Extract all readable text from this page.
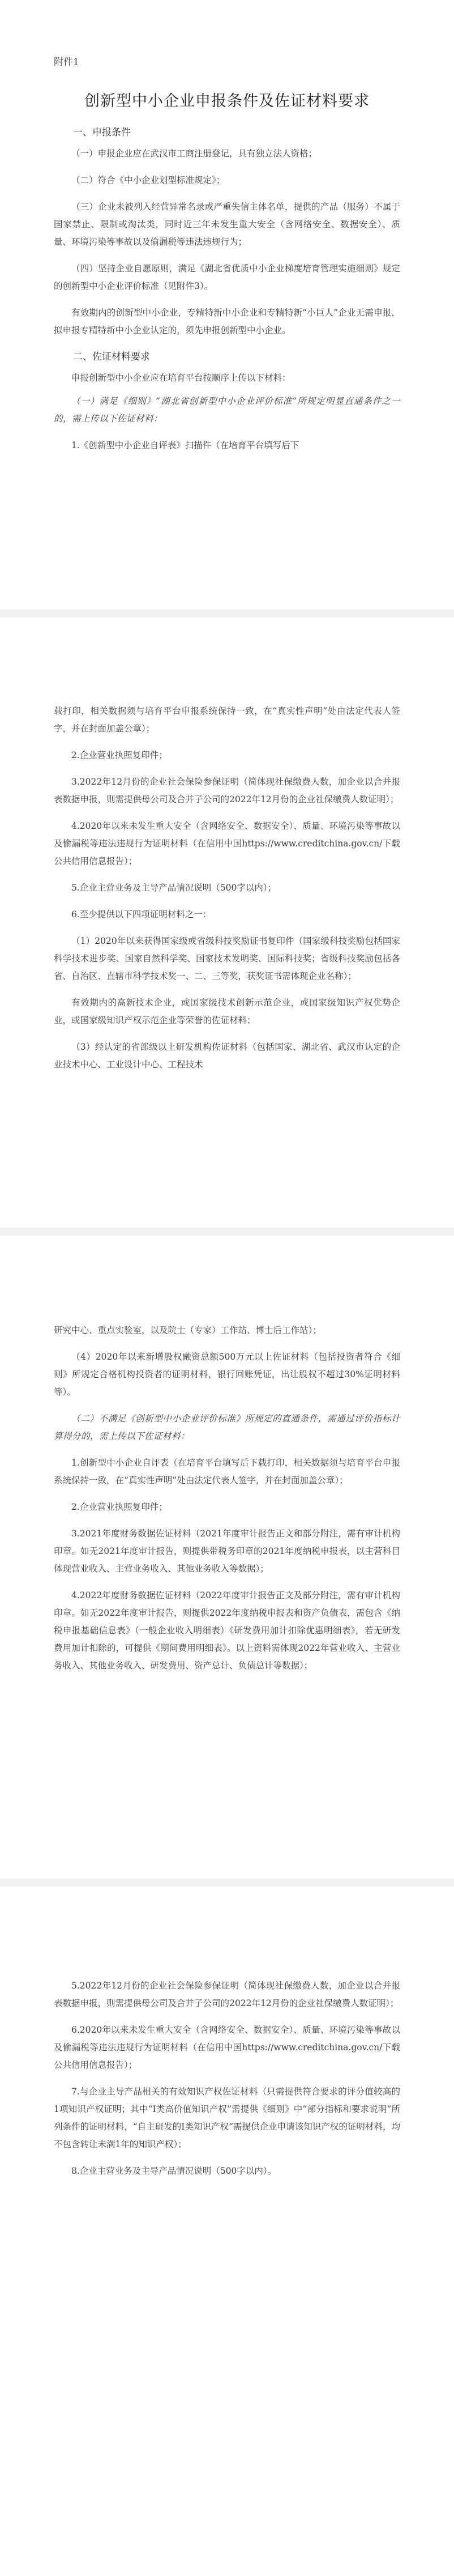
附件1
创新型中小企业申报条件及佐证材料要求
一、申报条件

（一）申报企业应在武汉市工商注册登记，具有独立法人资格；

（二）符合《中小企业划型标准规定》；

（三）企业未被列入经营异常名录或严重失信主体名单，提供的产品（服务）不属于国家禁止、限制或淘汰类，同时近三年未发生重大安全（含网络安全、数据安全）、质量、环境污染等事故以及偷漏税等违法违规行为；

（四）坚持企业自愿原则，满足《湖北省优质中小企业梯度培育管理实施细则》规定的创新型中小企业评价标准（见附件3）。

有效期内的创新型中小企业，专精特新中小企业和专精特新“小巨人”企业无需申报，拟申报专精特新中小企业认定的，须先申报创新型中小企业。

二、佐证材料要求

申报创新型中小企业应在培育平台按顺序上传以下材料：

（一）满足《细则》“湖北省创新型中小企业评价标准”所规定明显直通条件之一的，需上传以下佐证材料：

1.《创新型中小企业自评表》扫描件（在培育平台填写后下

载打印，相关数据须与培育平台申报系统保持一致，在“真实性声明”处由法定代表人签字，并在封面加盖公章）；

2.企业营业执照复印件；

3.2022年12月份的企业社会保险参保证明（简体现社保缴费人数，加企业以合并报表数据申报，则需提供母公司及合并子公司的2022年12月份的企业社保缴费人数证明）；

4.2020年以来未发生重大安全（含网络安全、数据安全）、质量、环境污染等事故以及偷漏税等违法违规行为证明材料（在信用中国https://www.creditchina.gov.cn/下载公共信用信息报告）；

5.企业主营业务及主导产品情况说明（500字以内）；

6.至少提供以下四项证明材料之一：

（1）2020年以来获得国家级或省级科技奖励证书复印件（国家级科技奖励包括国家科学技术进步奖、国家自然科学奖、国家技术发明奖、国际科技奖；省级科技奖励包括各省、自治区、直辖市科学技术奖一、二、三等奖，获奖证书需体现企业名称）；

有效期内的高新技术企业，或国家级技术创新示范企业，或国家级知识产权优势企业，或国家级知识产权示范企业等荣誉的佐证材料；

（3）经认定的省部级以上研发机构佐证材料（包括国家、湖北省、武汉市认定的企业技术中心、工业设计中心、工程技术

研究中心、重点实验室，以及院士（专家）工作站、博士后工作站）；

（4）2020年以来新增股权融资总额500万元以上佐证材料（包括投资者符合《细则》所规定合格机构投资者的证明材料，银行回账凭证，出让股权不超过30%证明材料等）。

（二）不满足《创新型中小企业评价标准》所规定的直通条件，需通过评价指标计算得分的，需上传以下佐证材料：

1.创新型中小企业自评表（在培育平台填写后下载打印，相关数据须与培育平台申报系统保持一致，在“真实性声明”处由法定代表人签字，并在封面加盖公章）；

2.企业营业执照复印件；

3.2021年度财务数据佐证材料（2021年度审计报告正文和部分附注，需有审计机构印章。如无2021年度审计报告，则提供带税务印章的2021年度纳税申报表，以主营科目体现营业收入、主营业务收入、其他业务收入等数据）；

4.2022年度财务数据佐证材料（2022年度审计报告正文及部分附注，需有审计机构印章。如无2022年度审计报告，则提供2022年度纳税申报表和资产负债表，需包含《纳税申报基础信息表》（一般企业收入明细表）《研发费用加计扣除优惠明细表》，若无研发费用加计扣除的，可提供《期间费用明细表》。以上资料需体现2022年营业收入、主营业务收入、其他业务收入、研发费用、资产总计、负债总计等数据）；

5.2022年12月份的企业社会保险参保证明（简体现社保缴费人数，加企业以合并报表数据申报，则需提供母公司及合并子公司的2022年12月份的企业社保缴费人数证明）；

6.2020年以来未发生重大安全（含网络安全、数据安全）、质量、环境污染等事故以及偷漏税等违法违规行为证明材料（在信用中国https://www.creditchina.gov.cn/下载公共信用信息报告）；

7.与企业主导产品相关的有效知识产权佐证材料（只需提供符合要求的评分值较高的1项知识产权证明；其中“I类高价值知识产权”需提供《细则》中“部分指标和要求说明”所列条件的证明材料，“自主研发的Ⅰ类知识产权”需提供企业申请该知识产权的证明材料，均不包含转让未满1年的知识产权）；

8.企业主营业务及主导产品情况说明（500字以内）。
